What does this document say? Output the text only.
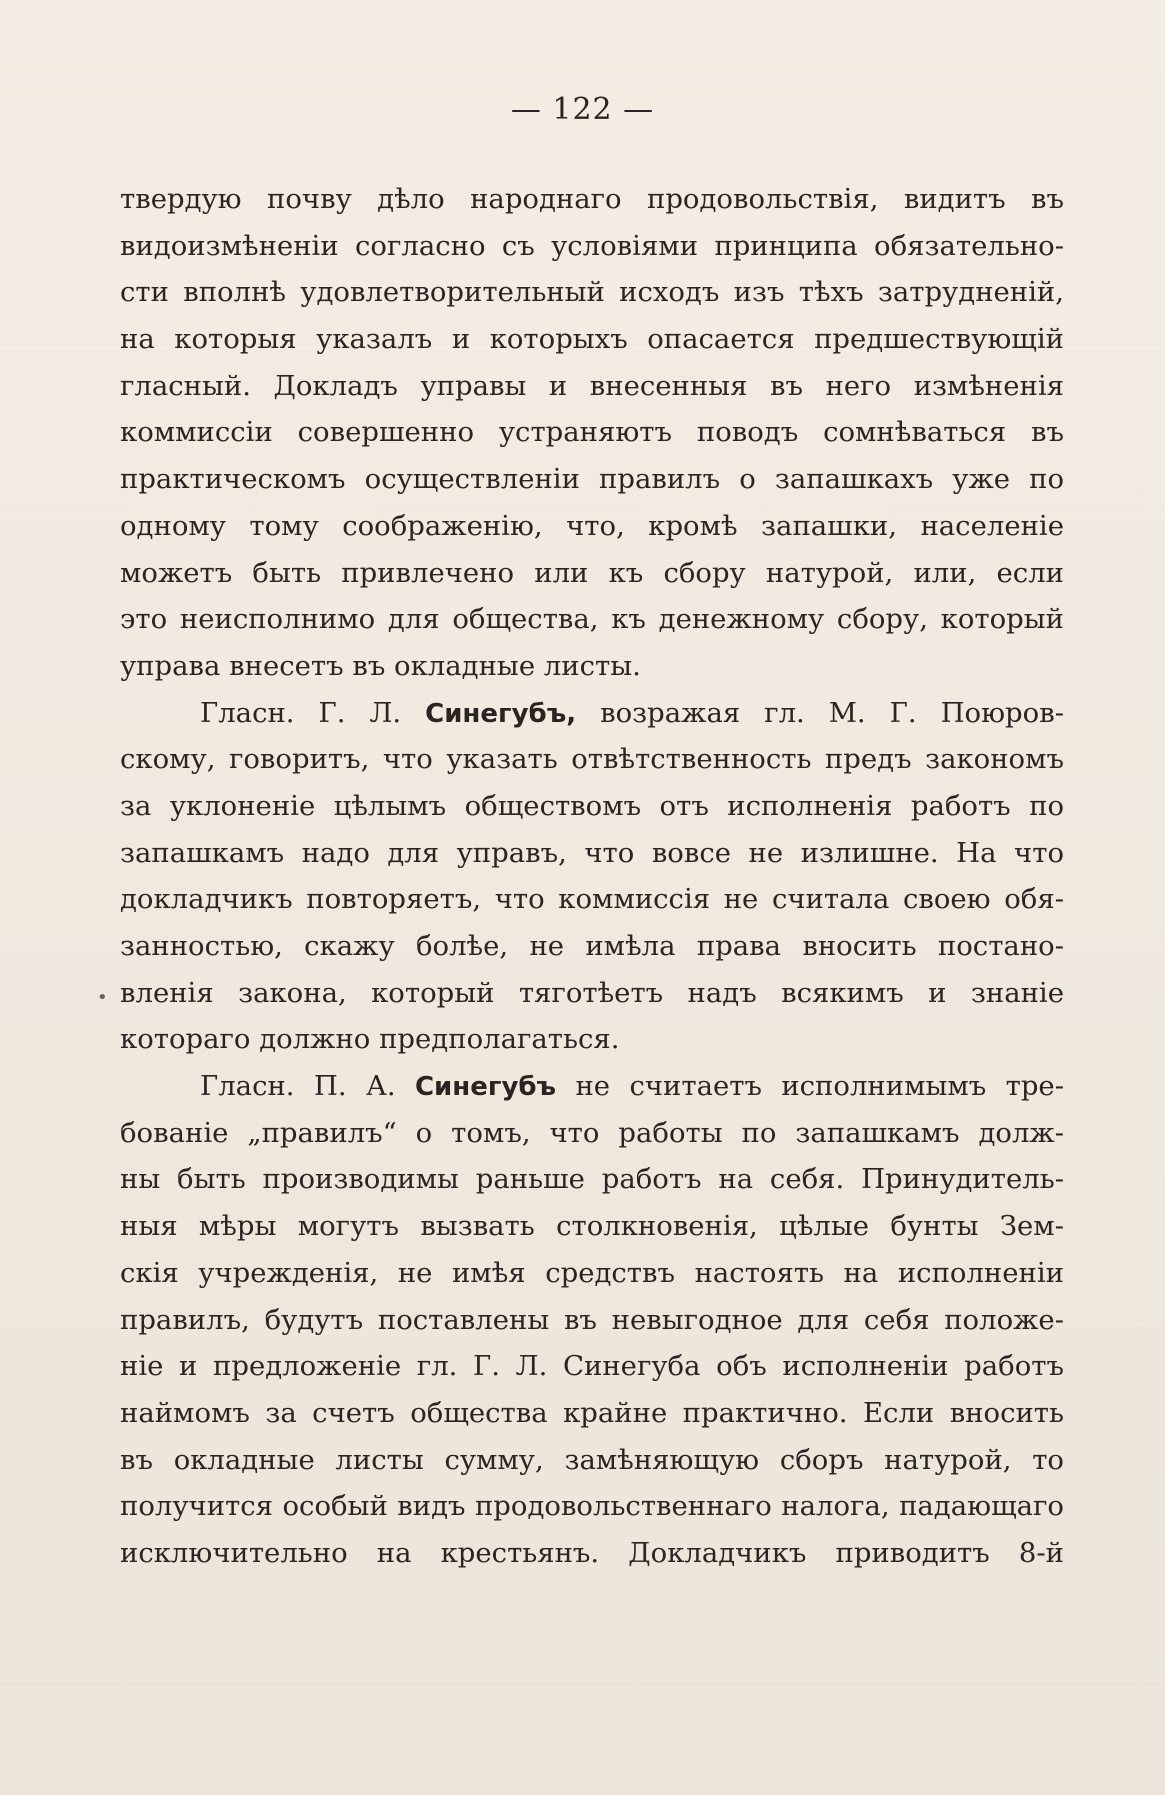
— 122 —
•
твердую почву дѣло народнаго продовольствія, видитъ въ
видоизмѣненіи согласно съ условіями принципа обязательно-
сти вполнѣ удовлетворительный исходъ изъ тѣхъ затрудненій,
на которыя указалъ и которыхъ опасается предшествующій
гласный. Докладъ управы и внесенныя въ него измѣненія
коммиссіи совершенно устраняютъ поводъ сомнѣваться въ
практическомъ осуществленіи правилъ о запашкахъ уже по
одному тому соображенію, что, кромѣ запашки, населеніе
можетъ быть привлечено или къ сбору натурой, или, если
это неисполнимо для общества, къ денежному сбору, который
управа внесетъ въ окладные листы.
Гласн. Г. Л. Синегубъ, возражая гл. М. Г. Поюров-
скому, говоритъ, что указать отвѣтственность предъ закономъ
за уклоненіе цѣлымъ обществомъ отъ исполненія работъ по
запашкамъ надо для управъ, что вовсе не излишне. На что
докладчикъ повторяетъ, что коммиссія не считала своею обя-
занностью, скажу болѣе, не имѣла права вносить постано-
вленія закона, который тяготѣетъ надъ всякимъ и знаніе
котораго должно предполагаться.
Гласн. П. А. Синегубъ не считаетъ исполнимымъ тре-
бованіе „правилъ“ о томъ, что работы по запашкамъ долж-
ны быть производимы раньше работъ на себя. Принудитель-
ныя мѣры могутъ вызвать столкновенія, цѣлые бунты Зем-
скія учрежденія, не имѣя средствъ настоять на исполненіи
правилъ, будутъ поставлены въ невыгодное для себя положе-
ніе и предложеніе гл. Г. Л. Синегуба объ исполненіи работъ
наймомъ за счетъ общества крайне практично. Если вносить
въ окладные листы сумму, замѣняющую сборъ натурой, то
получится особый видъ продовольственнаго налога, падающаго
исключительно на крестьянъ. Докладчикъ приводитъ 8-й
